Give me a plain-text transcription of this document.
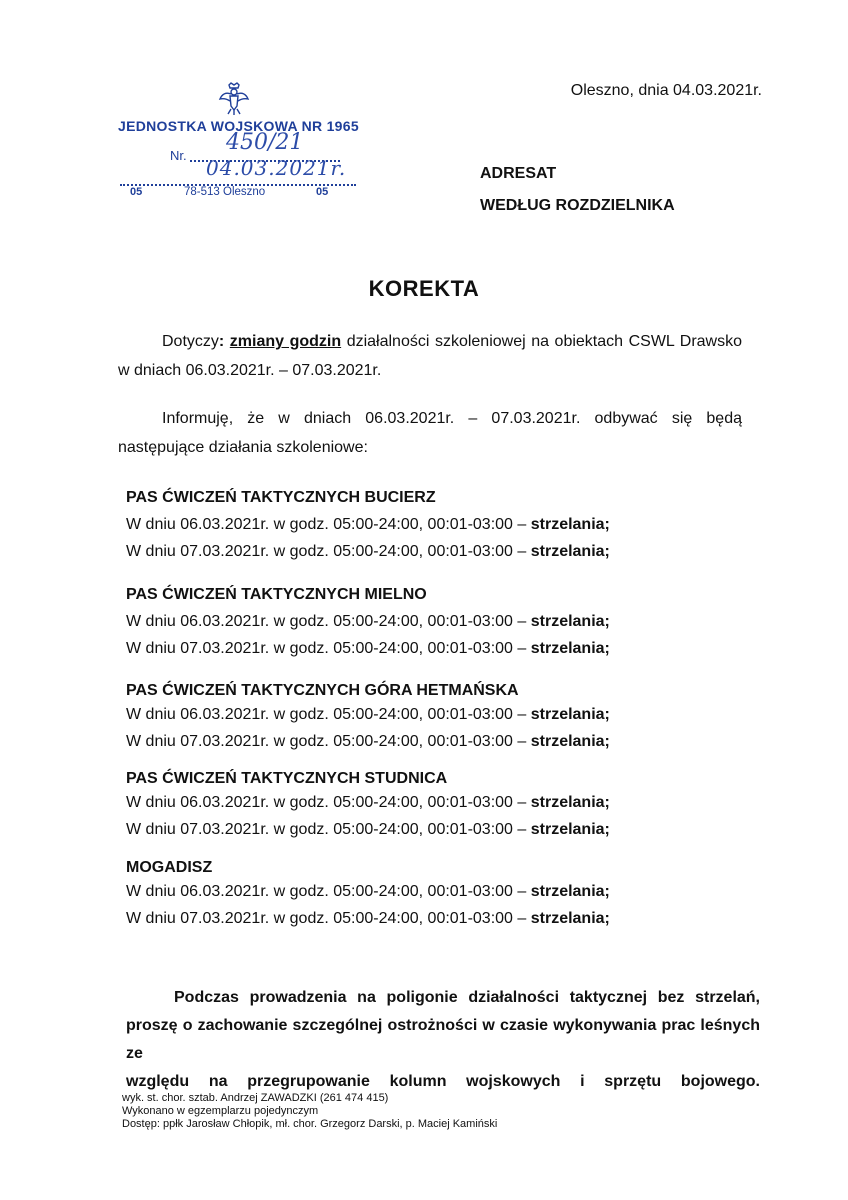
JEDNOSTKA WOJSKOWA NR 1965
Nr.
450/21
04.03.2021r.
05	78-513 Oleszno	05
Oleszno, dnia 04.03.2021r.
ADRESAT
WEDŁUG ROZDZIELNIKA
KOREKTA
Dotyczy: zmiany godzin działalności szkoleniowej na obiektach CSWL Drawsko w dniach 06.03.2021r. – 07.03.2021r.
Informuję, że w dniach 06.03.2021r. – 07.03.2021r. odbywać się będą następujące działania szkoleniowe:
PAS ĆWICZEŃ TAKTYCZNYCH BUCIERZ
W dniu 06.03.2021r. w godz. 05:00-24:00, 00:01-03:00 – strzelania;
W dniu 07.03.2021r. w godz. 05:00-24:00, 00:01-03:00 – strzelania;
PAS ĆWICZEŃ TAKTYCZNYCH MIELNO
W dniu 06.03.2021r. w godz. 05:00-24:00, 00:01-03:00 – strzelania;
W dniu 07.03.2021r. w godz. 05:00-24:00, 00:01-03:00 – strzelania;
PAS ĆWICZEŃ TAKTYCZNYCH GÓRA HETMAŃSKA
W dniu 06.03.2021r. w godz. 05:00-24:00, 00:01-03:00 – strzelania;
W dniu 07.03.2021r. w godz. 05:00-24:00, 00:01-03:00 – strzelania;
PAS ĆWICZEŃ TAKTYCZNYCH STUDNICA
W dniu 06.03.2021r. w godz. 05:00-24:00, 00:01-03:00 – strzelania;
W dniu 07.03.2021r. w godz. 05:00-24:00, 00:01-03:00 – strzelania;
MOGADISZ
W dniu 06.03.2021r. w godz. 05:00-24:00, 00:01-03:00 – strzelania;
W dniu 07.03.2021r. w godz. 05:00-24:00, 00:01-03:00 – strzelania;

Podczas prowadzenia na poligonie działalności taktycznej bez strzelań,

proszę o zachowanie szczególnej ostrożności w czasie wykonywania prac leśnych ze

względu na przegrupowanie kolumn wojskowych i sprzętu bojowego.

wyk. st. chor. sztab. Andrzej ZAWADZKI (261 474 415)
Wykonano w egzemplarzu pojedynczym
Dostęp: ppłk Jarosław Chłopik, mł. chor. Grzegorz Darski, p. Maciej Kamiński
